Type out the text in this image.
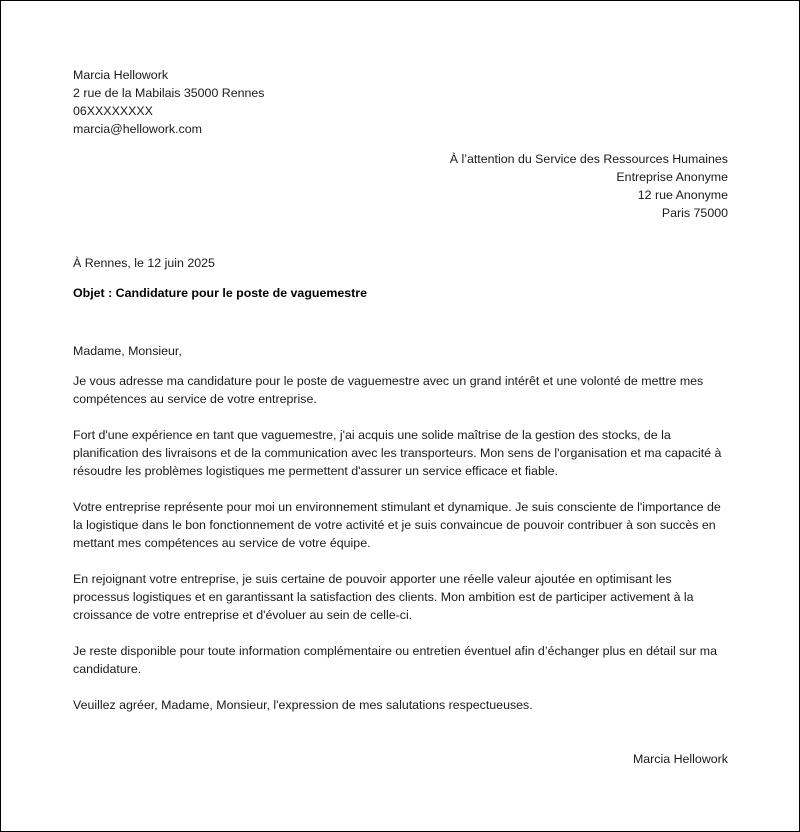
Marcia Hellowork
2 rue de la Mabilais 35000 Rennes
06XXXXXXXX
marcia@hellowork.com
À l’attention du Service des Ressources Humaines
Entreprise Anonyme
12 rue Anonyme
Paris 75000
À Rennes, le 12 juin 2025
Objet : Candidature pour le poste de vaguemestre
Madame, Monsieur,
Je vous adresse ma candidature pour le poste de vaguemestre avec un grand intérêt et une volonté de mettre mes compétences au service de votre entreprise.
Fort d'une expérience en tant que vaguemestre, j'ai acquis une solide maîtrise de la gestion des stocks, de la planification des livraisons et de la communication avec les transporteurs. Mon sens de l'organisation et ma capacité à résoudre les problèmes logistiques me permettent d'assurer un service efficace et fiable.
Votre entreprise représente pour moi un environnement stimulant et dynamique. Je suis consciente de l'importance de la logistique dans le bon fonctionnement de votre activité et je suis convaincue de pouvoir contribuer à son succès en mettant mes compétences au service de votre équipe.
En rejoignant votre entreprise, je suis certaine de pouvoir apporter une réelle valeur ajoutée en optimisant les processus logistiques et en garantissant la satisfaction des clients. Mon ambition est de participer activement à la croissance de votre entreprise et d'évoluer au sein de celle-ci.
Je reste disponible pour toute information complémentaire ou entretien éventuel afin d’échanger plus en détail sur ma candidature.
Veuillez agréer, Madame, Monsieur, l'expression de mes salutations respectueuses.
Marcia Hellowork
